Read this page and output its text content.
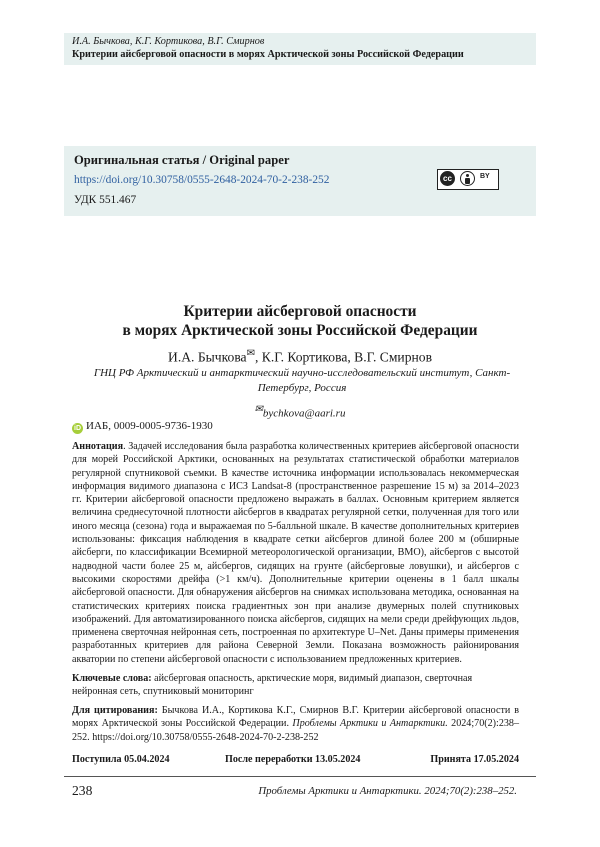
И.А. Бычкова, К.Г. Кортикова, В.Г. Смирнов
Критерии айсберговой опасности в морях Арктической зоны Российской Федерации
Оригинальная статья / Original paper
https://doi.org/10.30758/0555-2648-2024-70-2-238-252
УДК 551.467
cc	BY
Критерии айсберговой опасности
в морях Арктической зоны Российской Федерации
И.А. Бычкова✉, К.Г. Кортикова, В.Г. Смирнов
ГНЦ РФ Арктический и антарктический научно-исследовательский институт, Санкт-Петербург, Россия
✉bychkova@aari.ru
iD ИАБ, 0009-0005-9736-1930

Аннотация. Задачей исследования была разработка количественных критериев айсберговой опасности для морей Российской Арктики, основанных на результатах статистической обработки материалов регулярной спутниковой съемки. В качестве источника информации использовалась некоммерческая информация видимого диапазона с ИСЗ Landsat-8 (пространственное разрешение 15 м) за 2014–2023 гг. Критерии айсберговой опасности предложено выражать в баллах. Основным критерием является величина среднесуточной плотности айсбергов в квадратах регулярной сетки, полученная для того или иного месяца (сезона) года и выражаемая по 5-балльной шкале. В качестве дополнительных критериев использованы: фиксация наблюдения в квадрате сетки айсбергов длиной более 200 м (обширные айсберги, по классификации Всемирной метеорологической организации, ВМО), айсбергов с высотой надводной части более 25 м, айсбергов, сидящих на грунте (айсберговые ловушки), и айсбергов с высокими скоростями дрейфа (>1 км/ч). Дополнительные критерии оценены в 1 балл шкалы айсберговой опасности. Для обнаружения айсбергов на снимках использована методика, основанная на статистических критериях поиска градиентных зон при анализе двумерных полей спутниковых изображений. Для автоматизированного поиска айсбергов, сидящих на мели среди дрейфующих льдов, применена сверточная нейронная сеть, построенная по архитектуре U–Net. Даны примеры применения разработанных критериев для района Северной Земли. Показана возможность районирования акватории по степени айсберговой опасности с использованием предложенных критериев.

Ключевые слова: айсберговая опасность, арктические моря, видимый диапазон, сверточная нейронная сеть, спутниковый мониторинг

Для цитирования: Бычкова И.А., Кортикова К.Г., Смирнов В.Г. Критерии айсберговой опасности в морях Арктической зоны Российской Федерации. Проблемы Арктики и Антарктики. 2024;70(2):238–252. https://doi.org/10.30758/0555-2648-2024-70-2-238-252

Поступила 05.04.2024	После переработки 13.05.2024	Принята 17.05.2024
238	Проблемы Арктики и Антарктики. 2024;70(2):238–252.
